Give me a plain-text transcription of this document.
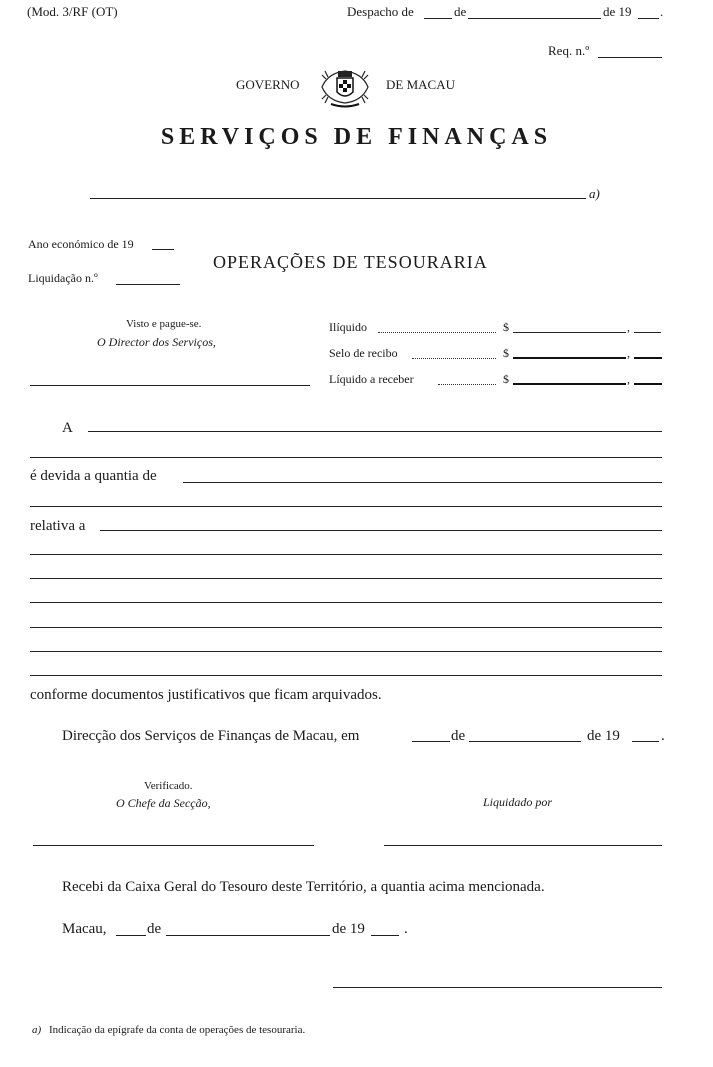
(Mod. 3/RF (OT)	Despacho de	de	de 19 .
Req. n.º
GOVERNO	DE MACAU
SERVIÇOS DE FINANÇAS
a)
Ano económico de 19
Liquidação n.º
OPERAÇÕES DE TESOURARIA
Visto e pague-se.
O Director dos Serviços,
Ilíquido	$	,
Selo de recibo	$	,
Líquido a receber	$	,
A
é devida a quantia de
relativa a
conforme documentos justificativos que ficam arquivados.
Direcção dos Serviços de Finanças de Macau, em	de	de 19	.
Verificado.
O Chefe da Secção,	Liquidado por
Recebi da Caixa Geral do Tesouro deste Território, a quantia acima mencionada.
Macau,	de	de 19	.
a) Indicação da epígrafe da conta de operações de tesouraria.
